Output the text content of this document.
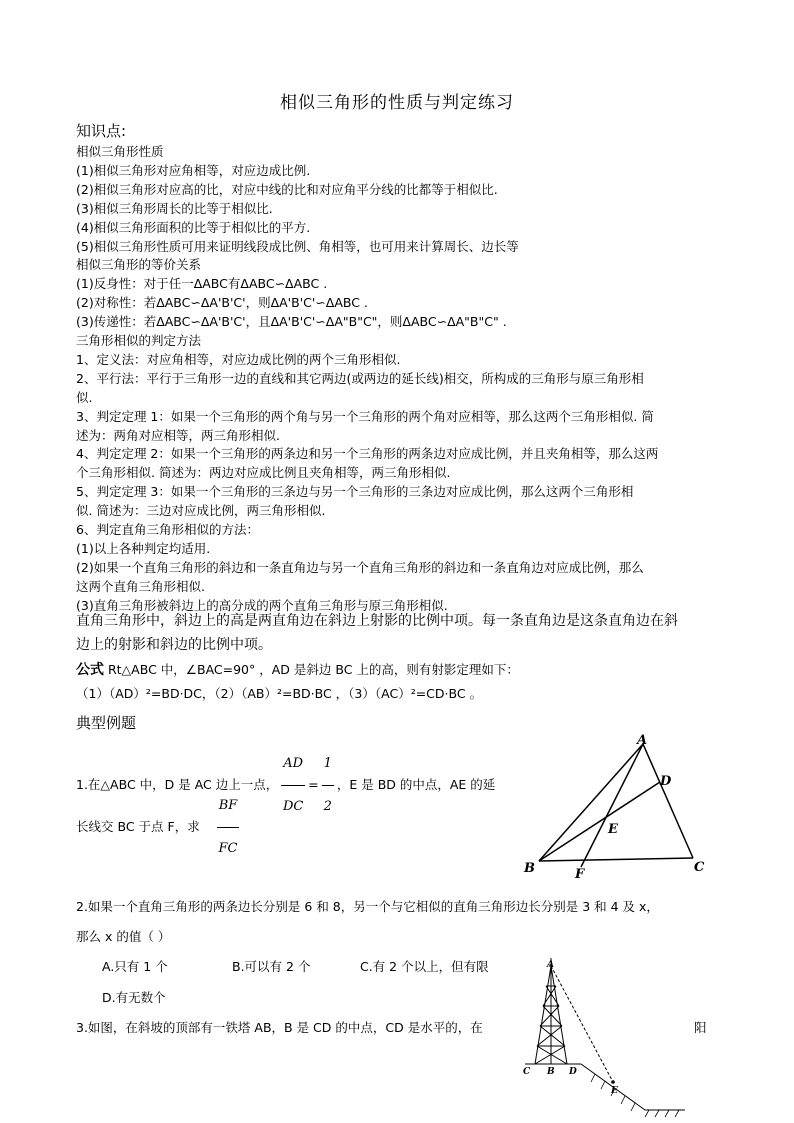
相似三角形的性质与判定练习
知识点:
相似三角形性质
(1)相似三角形对应角相等，对应边成比例.
(2)相似三角形对应高的比，对应中线的比和对应角平分线的比都等于相似比.
(3)相似三角形周长的比等于相似比.
(4)相似三角形面积的比等于相似比的平方.
(5)相似三角形性质可用来证明线段成比例、角相等，也可用来计算周长、边长等
相似三角形的等价关系
(1)反身性：对于任一ΔABC有ΔABC∽ΔABC .
(2)对称性：若ΔABC∽ΔA'B'C'，则ΔA'B'C'∽ΔABC .
(3)传递性：若ΔABC∽ΔA'B'C'，且ΔA'B'C'∽ΔA"B"C"，则ΔABC∽ΔA"B"C" .
三角形相似的判定方法
1、定义法：对应角相等，对应边成比例的两个三角形相似.
2、平行法：平行于三角形一边的直线和其它两边(或两边的延长线)相交，所构成的三角形与原三角形相
似.
3、判定定理 1：如果一个三角形的两个角与另一个三角形的两个角对应相等，那么这两个三角形相似. 简
述为：两角对应相等，两三角形相似.
4、判定定理 2：如果一个三角形的两条边和另一个三角形的两条边对应成比例，并且夹角相等，那么这两
个三角形相似. 简述为：两边对应成比例且夹角相等，两三角形相似.
5、判定定理 3：如果一个三角形的三条边与另一个三角形的三条边对应成比例，那么这两个三角形相
似. 简述为：三边对应成比例，两三角形相似.
6、判定直角三角形相似的方法：
(1)以上各种判定均适用.
(2)如果一个直角三角形的斜边和一条直角边与另一个直角三角形的斜边和一条直角边对应成比例，那么
这两个直角三角形相似.
(3)直角三角形被斜边上的高分成的两个直角三角形与原三角形相似.
直角三角形中，斜边上的高是两直角边在斜边上射影的比例中项。每一条直角边是这条直角边在斜
边上的射影和斜边的比例中项。
公式 Rt△ABC 中，∠BAC=90° ，AD 是斜边 BC 上的高，则有射影定理如下：
（1）（AD）²=BD·DC，（2）（AB）²=BD·BC ，（3）（AC）²=CD·BC 。
典型例题
1.在△ABC 中，D 是 AC 边上一点， $\frac{AD}{DC} = \frac{1}{2}$ ，E 是 BD 的中点，AE 的延
长线交 BC 于点 F，求 $\frac{BF}{FC}$
A
B	C
D
E
F
2.如果一个直角三角形的两条边长分别是 6 和 8，另一个与它相似的直角三角形边长分别是 3 和 4 及 x，
那么 x 的值（ ）
A.只有 1 个	B.可以有 2 个	C.有 2 个以上，但有限
D.有无数个
3.如图，在斜坡的顶部有一铁塔 AB，B 是 CD 的中点，CD 是水平的，在	阳
A
C B D
E
